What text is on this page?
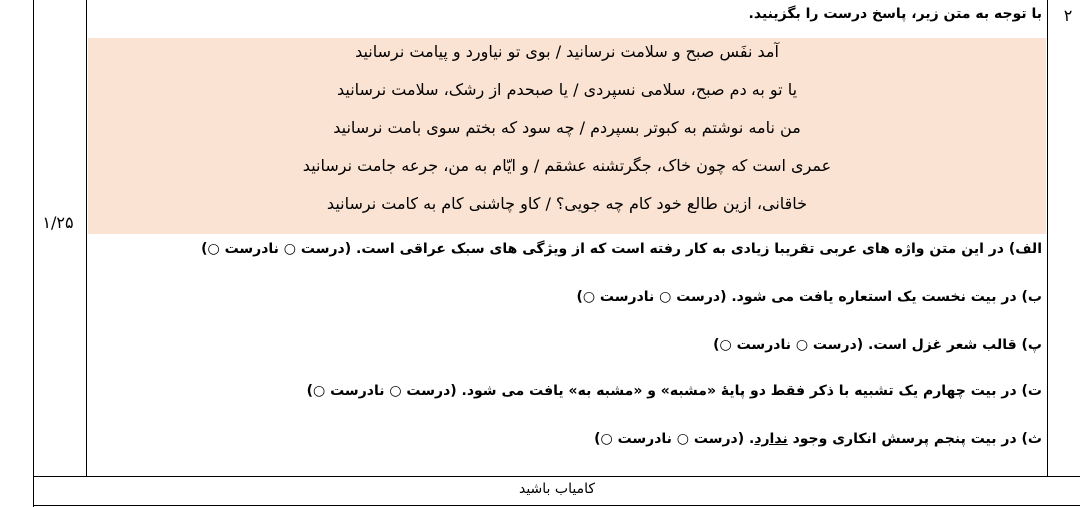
۲
۱/۲۵
با توجه به متن زیر، پاسخ درست را بگزینید.
آمد نفَس صبح و سلامت نرسانید / بوی تو نیاورد و پیامت نرسانید
یا تو به دم صبح، سلامی نسپردی / یا صبحدم از رشک، سلامت نرسانید
من نامه نوشتم به کبوتر بسپردم / چه سود که بختم سوی بامت نرسانید
عمری است که چون خاک، جگرتشنه عشقم / و ایّام به من، جرعه جامت نرسانید
خاقانی، ازین طالع خود کام چه جویی؟ / کاو چاشنی کام به کامت نرسانید
الف) در این متن واژه های عربی تقریبا زیادی به کار رفته است که از ویژگی های سبک عراقی است. (درست ○ نادرست ○)
ب) در بیت نخست یک استعاره یافت می شود. (درست ○ نادرست ○)
پ) قالب شعر غزل است. (درست ○ نادرست ○)
ت) در بیت چهارم یک تشبیه با ذکر فقط دو پایهٔ «مشبه» و «مشبه به» یافت می شود. (درست ○ نادرست ○)
ث) در بیت پنجم پرسش انکاری وجود ندارد. (درست ○ نادرست ○)
کامیاب باشید
